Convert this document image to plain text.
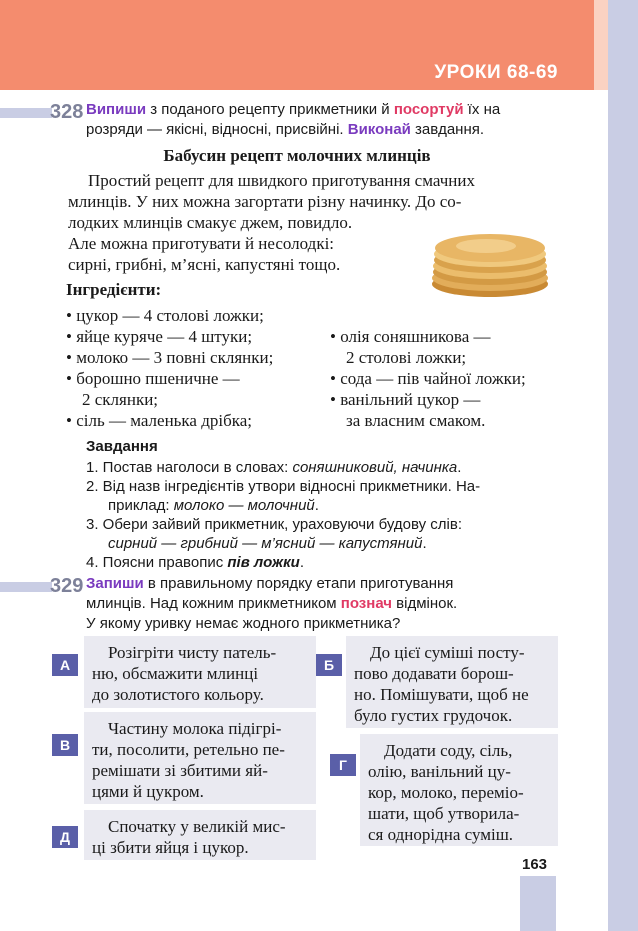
УРОКИ 68-69
328 Випиши з поданого рецепту прикметники й посортуй їх на
розряди — якісні, відносні, присвійні. Виконай завдання.
Бабусин рецепт молочних млинців
Простий рецепт для швидкого приготування смачних
млинців. У них можна загортати різну начинку. До со-
лодких млинців смакує джем, повидло.
Але можна приготувати й несолодкі:
сирні, грибні, м’ясні, капустяні тощо.
Інгредієнти:
• цукор — 4 столові ложки;
• яйце куряче — 4 штуки;
• молоко — 3 повні склянки;
• борошно пшеничне —
2 склянки;
• сіль — маленька дрібка;
• олія соняшникова —
2 столові ложки;
• сода — пів чайної ложки;
• ванільний цукор —
за власним смаком.
Завдання
1. Постав наголоси в словах: соняшниковий, начинка.
2. Від назв інгредієнтів утвори відносні прикметники. На-
приклад: молоко — молочний.
3. Обери зайвий прикметник, ураховуючи будову слів:
сирний — грибний — м’ясний — капустяний.
4. Поясни правопис пів ложки.
329 Запиши в правильному порядку етапи приготування
млинців. Над кожним прикметником познач відмінок.
У якому уривку немає жодного прикметника?
А
Розігріти чисту патель-
ню, обсмажити млинці
до золотистого кольору.
Б
До цієї суміші посту-
пово додавати борош-
но. Помішувати, щоб не
було густих грудочок.
В
Частину молока підігрі-
ти, посолити, ретельно пе-
ремішати зі збитими яй-
цями й цукром.
Г
Додати соду, сіль,
олію, ванільний цу-
кор, молоко, переміо-
шати, щоб утворила-
ся однорідна суміш.
Д
Спочатку у великій мис-
ці збити яйця і цукор.
163
